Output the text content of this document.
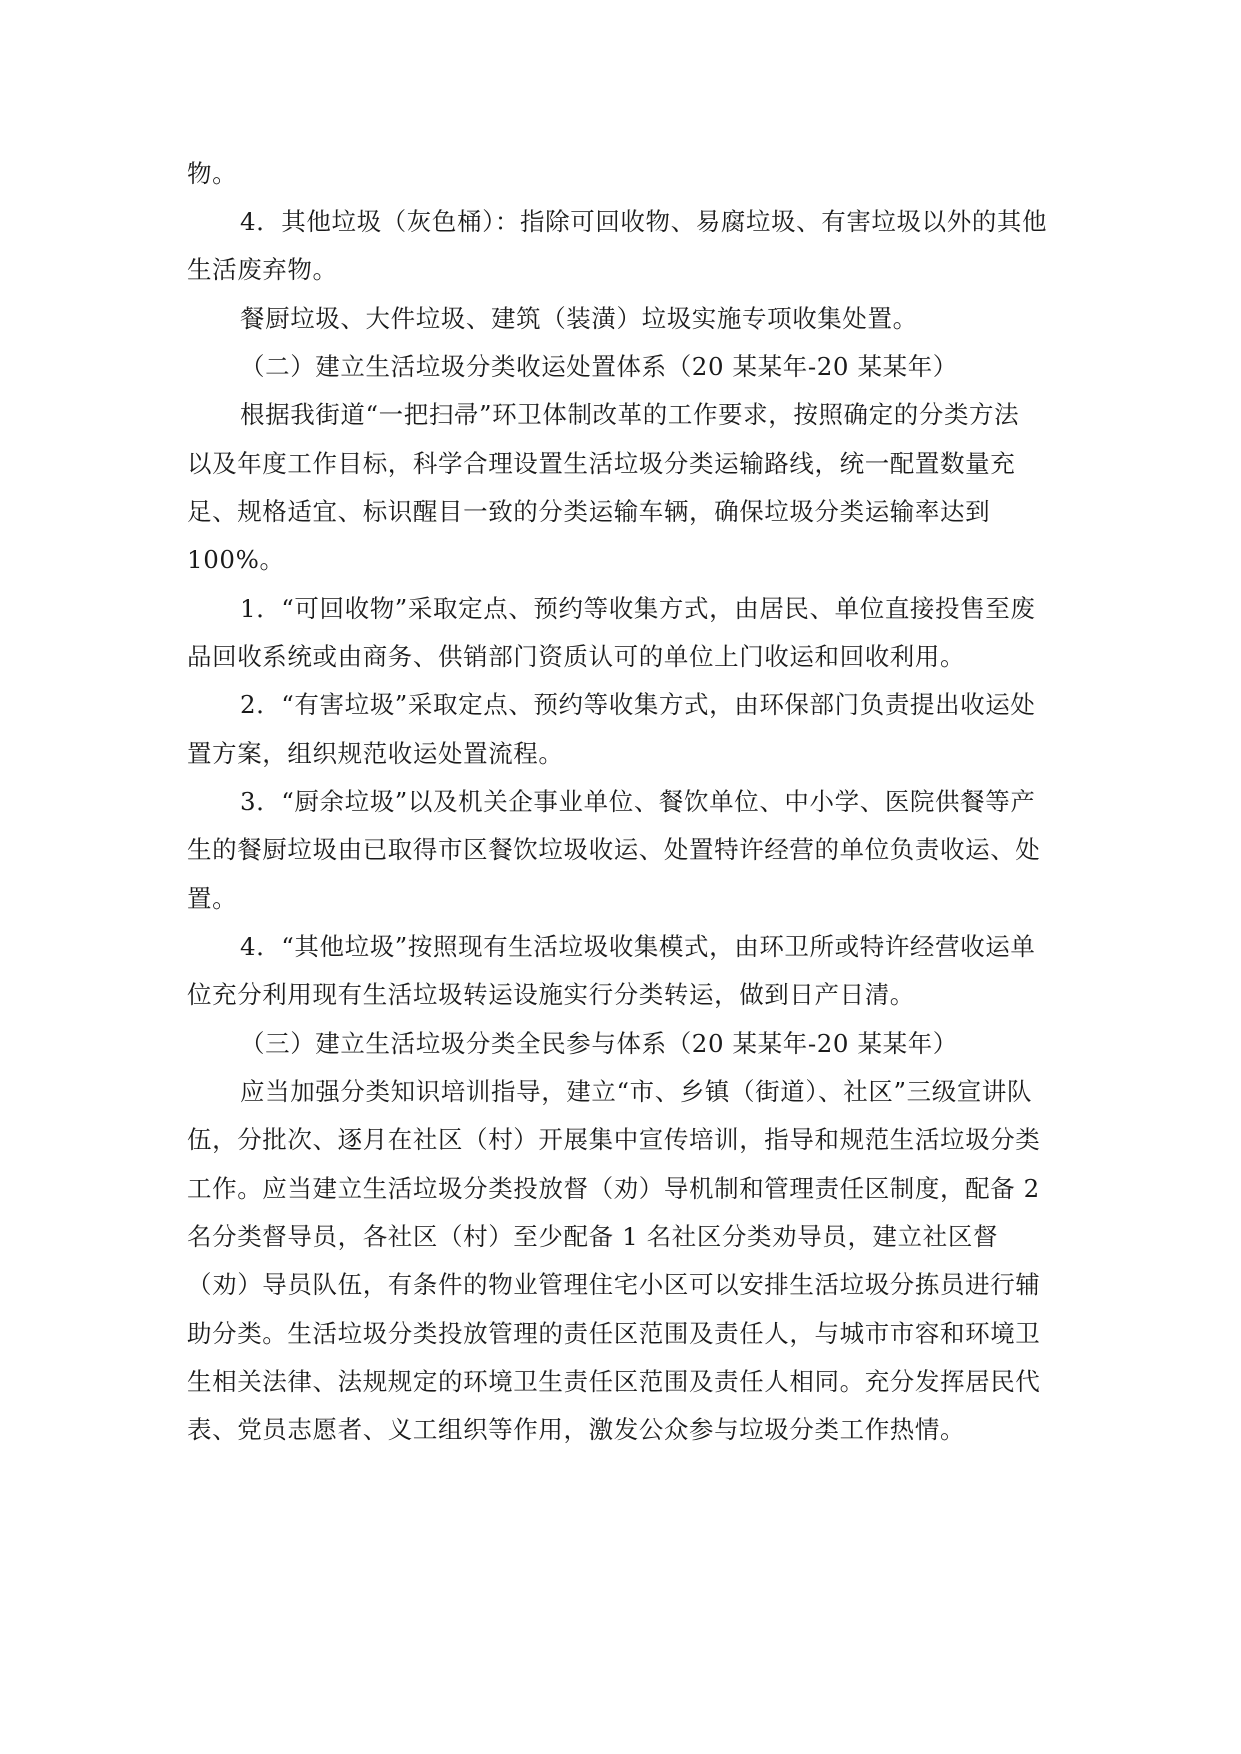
物。

4．其他垃圾（灰色桶）：指除可回收物、易腐垃圾、有害垃圾以外的其他

生活废弃物。

餐厨垃圾、大件垃圾、建筑（装潢）垃圾实施专项收集处置。

（二）建立生活垃圾分类收运处置体系（20 某某年-20 某某年）

根据我街道“一把扫帚”环卫体制改革的工作要求，按照确定的分类方法

以及年度工作目标，科学合理设置生活垃圾分类运输路线，统一配置数量充

足、规格适宜、标识醒目一致的分类运输车辆，确保垃圾分类运输率达到

100%。

1．“可回收物”采取定点、预约等收集方式，由居民、单位直接投售至废

品回收系统或由商务、供销部门资质认可的单位上门收运和回收利用。

2．“有害垃圾”采取定点、预约等收集方式，由环保部门负责提出收运处

置方案，组织规范收运处置流程。

3．“厨余垃圾”以及机关企事业单位、餐饮单位、中小学、医院供餐等产

生的餐厨垃圾由已取得市区餐饮垃圾收运、处置特许经营的单位负责收运、处

置。

4．“其他垃圾”按照现有生活垃圾收集模式，由环卫所或特许经营收运单

位充分利用现有生活垃圾转运设施实行分类转运，做到日产日清。

（三）建立生活垃圾分类全民参与体系（20 某某年-20 某某年）

应当加强分类知识培训指导，建立“市、乡镇（街道）、社区”三级宣讲队

伍，分批次、逐月在社区（村）开展集中宣传培训，指导和规范生活垃圾分类

工作。应当建立生活垃圾分类投放督（劝）导机制和管理责任区制度，配备 2

名分类督导员，各社区（村）至少配备 1 名社区分类劝导员，建立社区督

（劝）导员队伍，有条件的物业管理住宅小区可以安排生活垃圾分拣员进行辅

助分类。生活垃圾分类投放管理的责任区范围及责任人，与城市市容和环境卫

生相关法律、法规规定的环境卫生责任区范围及责任人相同。充分发挥居民代

表、党员志愿者、义工组织等作用，激发公众参与垃圾分类工作热情。
